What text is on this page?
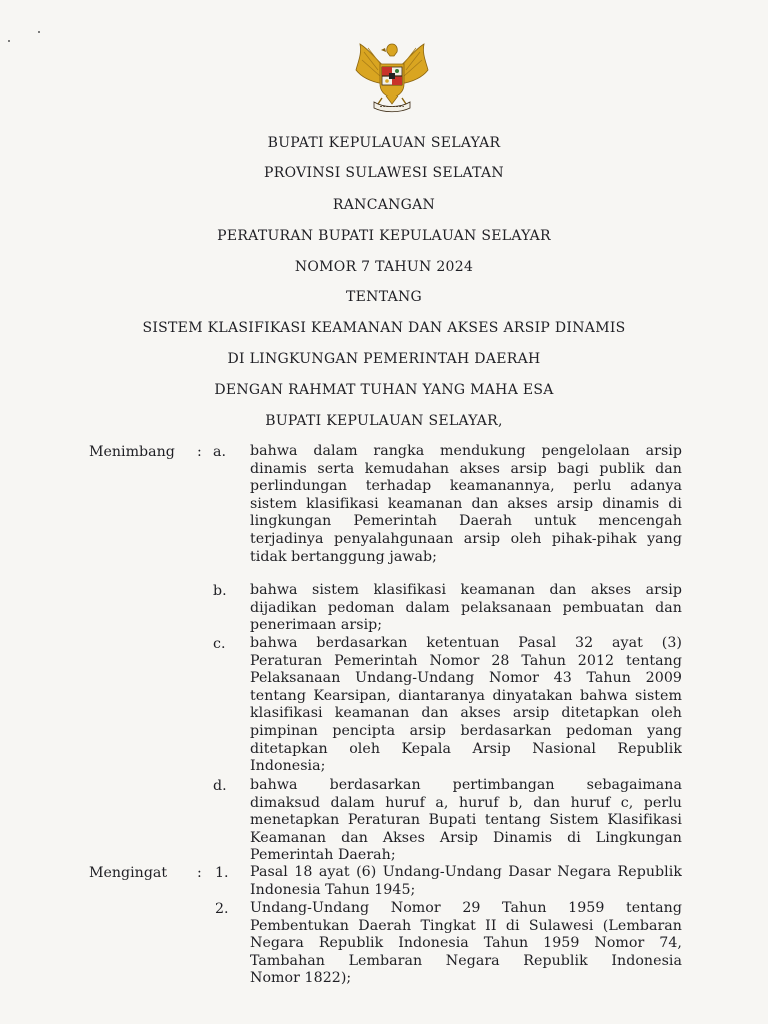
BUPATI KEPULAUAN SELAYAR
PROVINSI SULAWESI SELATAN
RANCANGAN
PERATURAN BUPATI KEPULAUAN SELAYAR
NOMOR 7 TAHUN 2024
TENTANG
SISTEM KLASIFIKASI KEAMANAN DAN AKSES ARSIP DINAMIS
DI LINGKUNGAN PEMERINTAH DAERAH
DENGAN RAHMAT TUHAN YANG MAHA ESA
BUPATI KEPULAUAN SELAYAR,
Menimbang : a. bahwa dalam rangka mendukung pengelolaan arsip
dinamis serta kemudahan akses arsip bagi publik dan
perlindungan terhadap keamanannya, perlu adanya
sistem klasifikasi keamanan dan akses arsip dinamis di
lingkungan Pemerintah Daerah untuk mencengah
terjadinya penyalahgunaan arsip oleh pihak-pihak yang
tidak bertanggung jawab;
b. bahwa sistem klasifikasi keamanan dan akses arsip
dijadikan pedoman dalam pelaksanaan pembuatan dan
penerimaan arsip;
c. bahwa berdasarkan ketentuan Pasal 32 ayat (3)
Peraturan Pemerintah Nomor 28 Tahun 2012 tentang
Pelaksanaan Undang-Undang Nomor 43 Tahun 2009
tentang Kearsipan, diantaranya dinyatakan bahwa sistem
klasifikasi keamanan dan akses arsip ditetapkan oleh
pimpinan pencipta arsip berdasarkan pedoman yang
ditetapkan oleh Kepala Arsip Nasional Republik
Indonesia;
d. bahwa berdasarkan pertimbangan sebagaimana
dimaksud dalam huruf a, huruf b, dan huruf c, perlu
menetapkan Peraturan Bupati tentang Sistem Klasifikasi
Keamanan dan Akses Arsip Dinamis di Lingkungan
Pemerintah Daerah;
Mengingat : 1. Pasal 18 ayat (6) Undang-Undang Dasar Negara Republik
Indonesia Tahun 1945;
2. Undang-Undang Nomor 29 Tahun 1959 tentang
Pembentukan Daerah Tingkat II di Sulawesi (Lembaran
Negara Republik Indonesia Tahun 1959 Nomor 74,
Tambahan Lembaran Negara Republik Indonesia
Nomor 1822);
